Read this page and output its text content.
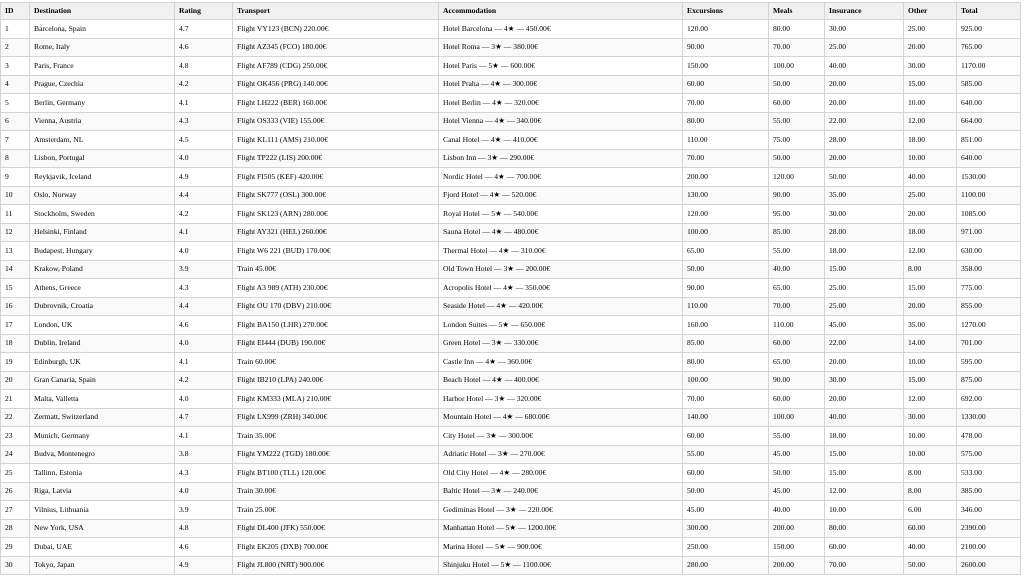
ID	Destination	Rating	Transport	Accommodation	Excursions	Meals	Insurance	Other	Total
1	Barcelona, Spain	4.7	Flight VY123 (BCN) 220.00€	Hotel Barcelona — 4★ — 450.00€	120.00	80.00	30.00	25.00	925.00
2	Rome, Italy	4.6	Flight AZ345 (FCO) 180.00€	Hotel Roma — 3★ — 380.00€	90.00	70.00	25.00	20.00	765.00
3	Paris, France	4.8	Flight AF789 (CDG) 250.00€	Hotel Paris — 5★ — 600.00€	150.00	100.00	40.00	30.00	1170.00
4	Prague, Czechia	4.2	Flight OK456 (PRG) 140.00€	Hotel Praha — 4★ — 300.00€	60.00	50.00	20.00	15.00	585.00
5	Berlin, Germany	4.1	Flight LH222 (BER) 160.00€	Hotel Berlin — 4★ — 320.00€	70.00	60.00	20.00	10.00	640.00
6	Vienna, Austria	4.3	Flight OS333 (VIE) 155.00€	Hotel Vienna — 4★ — 340.00€	80.00	55.00	22.00	12.00	664.00
7	Amsterdam, NL	4.5	Flight KL111 (AMS) 210.00€	Canal Hotel — 4★ — 410.00€	110.00	75.00	28.00	18.00	851.00
8	Lisbon, Portugal	4.0	Flight TP222 (LIS) 200.00€	Lisbon Inn — 3★ — 290.00€	70.00	50.00	20.00	10.00	640.00
9	Reykjavik, Iceland	4.9	Flight FI505 (KEF) 420.00€	Nordic Hotel — 4★ — 700.00€	200.00	120.00	50.00	40.00	1530.00
10	Oslo, Norway	4.4	Flight SK777 (OSL) 300.00€	Fjord Hotel — 4★ — 520.00€	130.00	90.00	35.00	25.00	1100.00
11	Stockholm, Sweden	4.2	Flight SK123 (ARN) 280.00€	Royal Hotel — 5★ — 540.00€	120.00	95.00	30.00	20.00	1085.00
12	Helsinki, Finland	4.1	Flight AY321 (HEL) 260.00€	Sauna Hotel — 4★ — 480.00€	100.00	85.00	28.00	18.00	971.00
13	Budapest, Hungary	4.0	Flight W6 221 (BUD) 170.00€	Thermal Hotel — 4★ — 310.00€	65.00	55.00	18.00	12.00	630.00
14	Krakow, Poland	3.9	Train 45.00€	Old Town Hotel — 3★ — 200.00€	50.00	40.00	15.00	8.00	358.00
15	Athens, Greece	4.3	Flight A3 989 (ATH) 230.00€	Acropolis Hotel — 4★ — 350.00€	90.00	65.00	25.00	15.00	775.00
16	Dubrovnik, Croatia	4.4	Flight OU 170 (DBV) 210.00€	Seaside Hotel — 4★ — 420.00€	110.00	70.00	25.00	20.00	855.00
17	London, UK	4.6	Flight BA150 (LHR) 270.00€	London Suites — 5★ — 650.00€	160.00	110.00	45.00	35.00	1270.00
18	Dublin, Ireland	4.0	Flight EI444 (DUB) 190.00€	Green Hotel — 3★ — 330.00€	85.00	60.00	22.00	14.00	701.00
19	Edinburgh, UK	4.1	Train 60.00€	Castle Inn — 4★ — 360.00€	80.00	65.00	20.00	10.00	595.00
20	Gran Canaria, Spain	4.2	Flight IB210 (LPA) 240.00€	Beach Hotel — 4★ — 400.00€	100.00	90.00	30.00	15.00	875.00
21	Malta, Valletta	4.0	Flight KM333 (MLA) 210.00€	Harbor Hotel — 3★ — 320.00€	70.00	60.00	20.00	12.00	692.00
22	Zermatt, Switzerland	4.7	Flight LX999 (ZRH) 340.00€	Mountain Hotel — 4★ — 680.00€	140.00	100.00	40.00	30.00	1330.00
23	Munich, Germany	4.1	Train 35.00€	City Hotel — 3★ — 300.00€	60.00	55.00	18.00	10.00	478.00
24	Budva, Montenegro	3.8	Flight YM222 (TGD) 180.00€	Adriatic Hotel — 3★ — 270.00€	55.00	45.00	15.00	10.00	575.00
25	Tallinn, Estonia	4.3	Flight BT100 (TLL) 120.00€	Old City Hotel — 4★ — 280.00€	60.00	50.00	15.00	8.00	533.00
26	Riga, Latvia	4.0	Train 30.00€	Baltic Hotel — 3★ — 240.00€	50.00	45.00	12.00	8.00	385.00
27	Vilnius, Lithuania	3.9	Train 25.00€	Gediminas Hotel — 3★ — 220.00€	45.00	40.00	10.00	6.00	346.00
28	New York, USA	4.8	Flight DL400 (JFK) 550.00€	Manhattan Hotel — 5★ — 1200.00€	300.00	200.00	80.00	60.00	2390.00
29	Dubai, UAE	4.6	Flight EK205 (DXB) 700.00€	Marina Hotel — 5★ — 900.00€	250.00	150.00	60.00	40.00	2100.00
30	Tokyo, Japan	4.9	Flight JL800 (NRT) 900.00€	Shinjuku Hotel — 5★ — 1100.00€	280.00	200.00	70.00	50.00	2600.00
